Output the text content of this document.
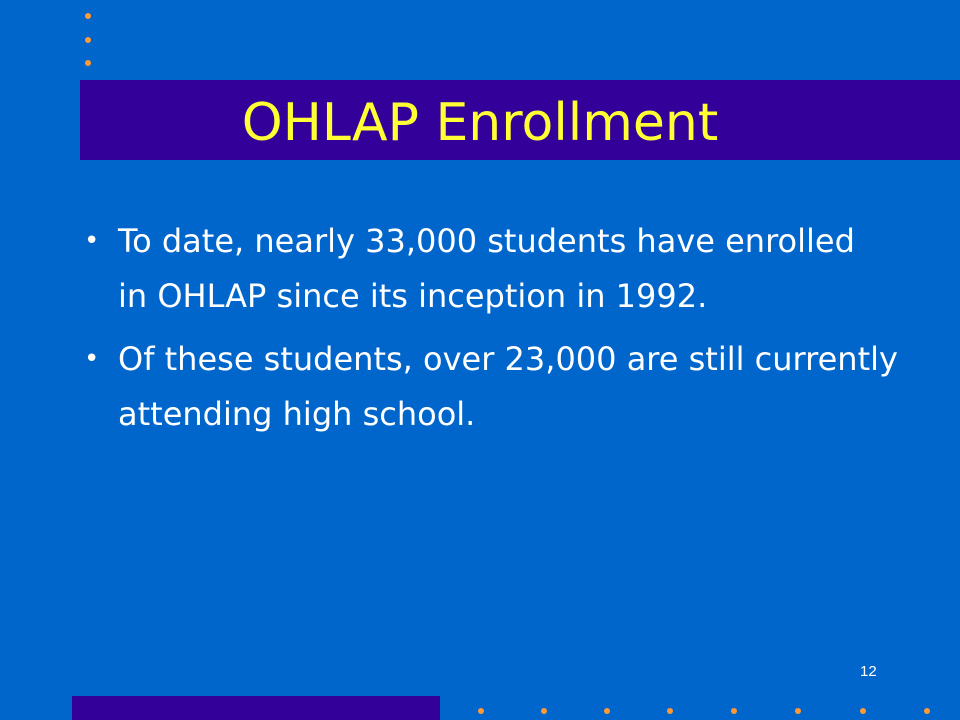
OHLAP Enrollment
• To date, nearly 33,000 students have enrolled in OHLAP since its inception in 1992.
• Of these students, over 23,000 are still currently attending high school.
12
